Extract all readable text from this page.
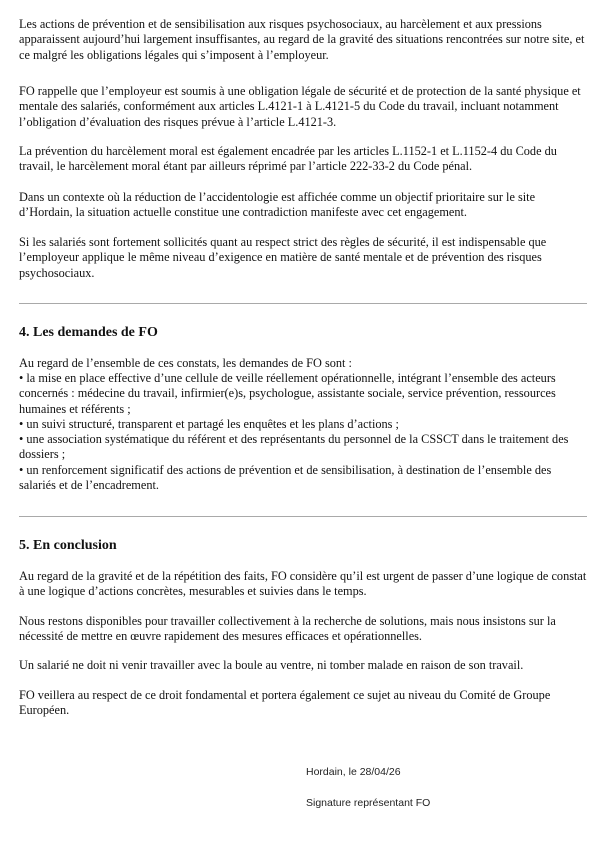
Les actions de prévention et de sensibilisation aux risques psychosociaux, au harcèlement et aux pressions apparaissent aujourd’hui largement insuffisantes, au regard de la gravité des situations rencontrées sur notre site, et ce malgré les obligations légales qui s’imposent à l’employeur.

FO rappelle que l’employeur est soumis à une obligation légale de sécurité et de protection de la santé physique et mentale des salariés, conformément aux articles L.4121-1 à L.4121-5 du Code du travail, incluant notamment l’obligation d’évaluation des risques prévue à l’article L.4121-3.

La prévention du harcèlement moral est également encadrée par les articles L.1152-1 et L.1152-4 du Code du travail, le harcèlement moral étant par ailleurs réprimé par l’article 222-33-2 du Code pénal.

Dans un contexte où la réduction de l’accidentologie est affichée comme un objectif prioritaire sur le site d’Hordain, la situation actuelle constitue une contradiction manifeste avec cet engagement.

Si les salariés sont fortement sollicités quant au respect strict des règles de sécurité, il est indispensable que l’employeur applique le même niveau d’exigence en matière de santé mentale et de prévention des risques psychosociaux.

4. Les demandes de FO

Au regard de l’ensemble de ces constats, les demandes de FO sont :

• la mise en place effective d’une cellule de veille réellement opérationnelle, intégrant l’ensemble des acteurs concernés : médecine du travail, infirmier(e)s, psychologue, assistante sociale, service prévention, ressources humaines et référents ;
• un suivi structuré, transparent et partagé les enquêtes et les plans d’actions ;
• une association systématique du référent et des représentants du personnel de la CSSCT dans le traitement des dossiers ;
• un renforcement significatif des actions de prévention et de sensibilisation, à destination de l’ensemble des salariés et de l’encadrement.
5. En conclusion

Au regard de la gravité et de la répétition des faits, FO considère qu’il est urgent de passer d’une logique de constat à une logique d’actions concrètes, mesurables et suivies dans le temps.

Nous restons disponibles pour travailler collectivement à la recherche de solutions, mais nous insistons sur la nécessité de mettre en œuvre rapidement des mesures efficaces et opérationnelles.

Un salarié ne doit ni venir travailler avec la boule au ventre, ni tomber malade en raison de son travail.

FO veillera au respect de ce droit fondamental et portera également ce sujet au niveau du Comité de Groupe Européen.

Hordain, le 28/04/26
Signature représentant FO
